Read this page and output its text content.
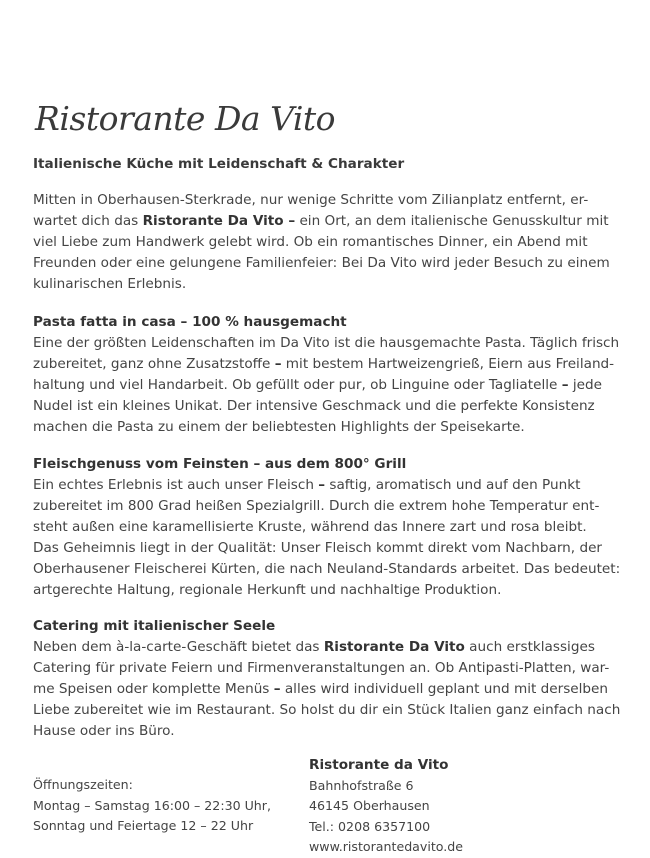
Ristorante Da Vito
Italienische Küche mit Leidenschaft & Charakter

Mitten in Oberhausen-Sterkrade, nur wenige Schritte vom Zilianplatz entfernt, er-
wartet dich das Ristorante Da Vito – ein Ort, an dem italienische Genusskultur mit
viel Liebe zum Handwerk gelebt wird. Ob ein romantisches Dinner, ein Abend mit
Freunden oder eine gelungene Familienfeier: Bei Da Vito wird jeder Besuch zu einem
kulinarischen Erlebnis.

Pasta fatta in casa – 100 % hausgemacht

Eine der größten Leidenschaften im Da Vito ist die hausgemachte Pasta. Täglich frisch
zubereitet, ganz ohne Zusatzstoffe – mit bestem Hartweizengrieß, Eiern aus Freiland-
haltung und viel Handarbeit. Ob gefüllt oder pur, ob Linguine oder Tagliatelle – jede
Nudel ist ein kleines Unikat. Der intensive Geschmack und die perfekte Konsistenz
machen die Pasta zu einem der beliebtesten Highlights der Speisekarte.

Fleischgenuss vom Feinsten – aus dem 800° Grill

Ein echtes Erlebnis ist auch unser Fleisch – saftig, aromatisch und auf den Punkt
zubereitet im 800 Grad heißen Spezialgrill. Durch die extrem hohe Temperatur ent-
steht außen eine karamellisierte Kruste, während das Innere zart und rosa bleibt.
Das Geheimnis liegt in der Qualität: Unser Fleisch kommt direkt vom Nachbarn, der
Oberhausener Fleischerei Kürten, die nach Neuland-Standards arbeitet. Das bedeutet:
artgerechte Haltung, regionale Herkunft und nachhaltige Produktion.

Catering mit italienischer Seele

Neben dem à-la-carte-Geschäft bietet das Ristorante Da Vito auch erstklassiges
Catering für private Feiern und Firmenveranstaltungen an. Ob Antipasti-Platten, war-
me Speisen oder komplette Menüs – alles wird individuell geplant und mit derselben
Liebe zubereitet wie im Restaurant. So holst du dir ein Stück Italien ganz einfach nach
Hause oder ins Büro.

Öffnungszeiten:
Montag – Samstag 16:00 – 22:30 Uhr,
Sonntag und Feiertage 12 – 22 Uhr
Ristorante da Vito
Bahnhofstraße 6
46145 Oberhausen
Tel.: 0208 6357100
www.ristorantedavito.de
